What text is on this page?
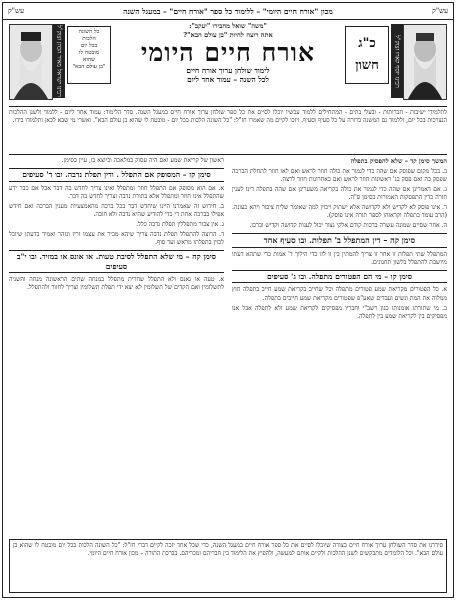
עש"ק
מכון "אורח חיים היומי" – ללימוד כל ספר "אורח חיים" – במעגל השנה
עש"ק
רבינו יוסף קארו זצוק"ל
כ"ג
חשון
"משה" שואל מחבירו "יעקב":
אתה רוצה להיות "בן עולם הבא"?
אורח חיים היומי
לימוד שולחן ערוך אורח חיים
לכל השנה – עמוד אחד ליום
כל השונה
הלכות
בכל יום
מובטח לו
שהוא
"בן עולם הבא"
רבינו ישראל מאיר הכהן זצוק"ל
לתלמידי ישיבות - חברותות - ובעלי בתים - המתחילים ללמוד עכשיו יוכלו לסיים את כל ספר שולחן ערוך אורח חיים במעגל השנה. סדר הלימוד: עמוד אחד ליום - ללמוד ולשנן ההלכות הנצרכות בכל יום, וללמוד גם המשנה ברורה על כל סעיף וסעיף. ויזכו לקיים מה שאמרו חז"ל: "כל השונה הלכות בכל יום - מובטח לו שהוא בן עולם הבא". ואשרי מי שבא לכאן ותלמודו בידו.
המשך סימן קד – שלא להפסיק בתפלה

ב. בכל מקום שפוסק אם שהה כדי לגמור את כולה חוזר לראש ואם לאו חוזר לתחלת הברכה שפסק בה ואם פסק בג' ראשונות חוזר לראש ואם באחרונות חוזר לרצה.

ג. אם דאמרינן אם שהה כדי לגמור את כולה בקריאה משערינן אם שהה בתפלה דינו לענין חזרה כדין התפסקות האמורות בסימן ס"ה.

ד. אינו פוסק לא לקדיש ולא לקדושה אלא ישתוק ויכוין למה שאומר שליח ציבור ויהא כעונה. (הרב עומד בתפלה וקראוהו לספר תורה אינו פוסק).

ה. אחר שסיים שמונה עשרה ברכות קודם אלקי נצור יכול לענות קדושה וקדיש וברכו.

סימן קה – דין המתפלל ב' תפלות. ובו סעיף אחד

המתפלל שתי תפלות זו אחר זו צריך להמתין בין זו לזו כדי הילוך ד' אמות כדי שתהא דעתו מיושבת להתפלל בלשון תחנונים.

סימן קו – מי הם הפטורים מתפלה. ובו ג' סעיפים

א. כל הפטורים מקריאת שמע פטורים מתפלה וכל שחייב בקריאת שמע חייב בתפלה חוץ ממלוה את המת ונשים ועבדים שאע"פ שפטורים מקריאת שמע חייבים בתפלה.

ב. מי שתורתו אומנותו כגון רשב"י וחבריו מפסיקים לקריאת שמע ולא לתפלה אבל אנו מפסיקים בין לקריאת שמע בין לתפלה.

ראשון של קריאת שמע ואם היה עסוק במלאכה וכיוצא בו, עיין בסימן.

סימן קז – המסופק אם התפלל . ודין תפלת נדבה. ובו ד' סעיפים

א. אם הוא מסופק אם התפלל חוזר ומתפלל ואינו צריך לחדש בה דבר אבל אם כבר ידע שהתפלל אינו חוזר ומתפלל אלא בתורת נדבה וצריך לחדש בה דבר.

ב. חידוש זה שאמרנו היינו שיחדש דבר בכל ברכה מהאמצעיות מענין הברכה ואם חידש אפילו בברכה אחת די כדי להודיע שהיא נדבה ולא חובה.

ג. אין צבור מתפללין תפלת נדבה כלל.

ד. הרוצה להתפלל תפלת נדבה צריך שיהא מכיר את עצמו זריז ונזהר ואמיד בדעתו שיוכל לכוין בתפלתו מראש ועד סוף.

סימן קח – מי שלא התפלל לסיבת טעות. או אונס או במזיד. ובו י"ב סעיפים

א. טעה או נאנס ולא התפלל שחרית מתפלל במנחה שתים הראשונה מנחה והשניה לתשלומין ואם הקדים של תשלומין לא יצא ידי תפלת תשלומין וצריך לחזור ולהתפלל.

סידרנו את סדר השולחן ערוך אורח חיים בצורה שיוכלו לסיים את כל ספר אורח חיים במעגל השנה, כדי שכל אחד יזכה לקיים דברי חז"ל: "כל השונה הלכות בכל יום מובטח לו שהוא בן עולם הבא". וכל הלומדים מתבקשים לשנן ההלכות ולקיים אותם למעשה, ולהפיץ את הלימוד בין חבריהם ומכריהם. בברכת התורה – מכון אורח חיים היומי.
